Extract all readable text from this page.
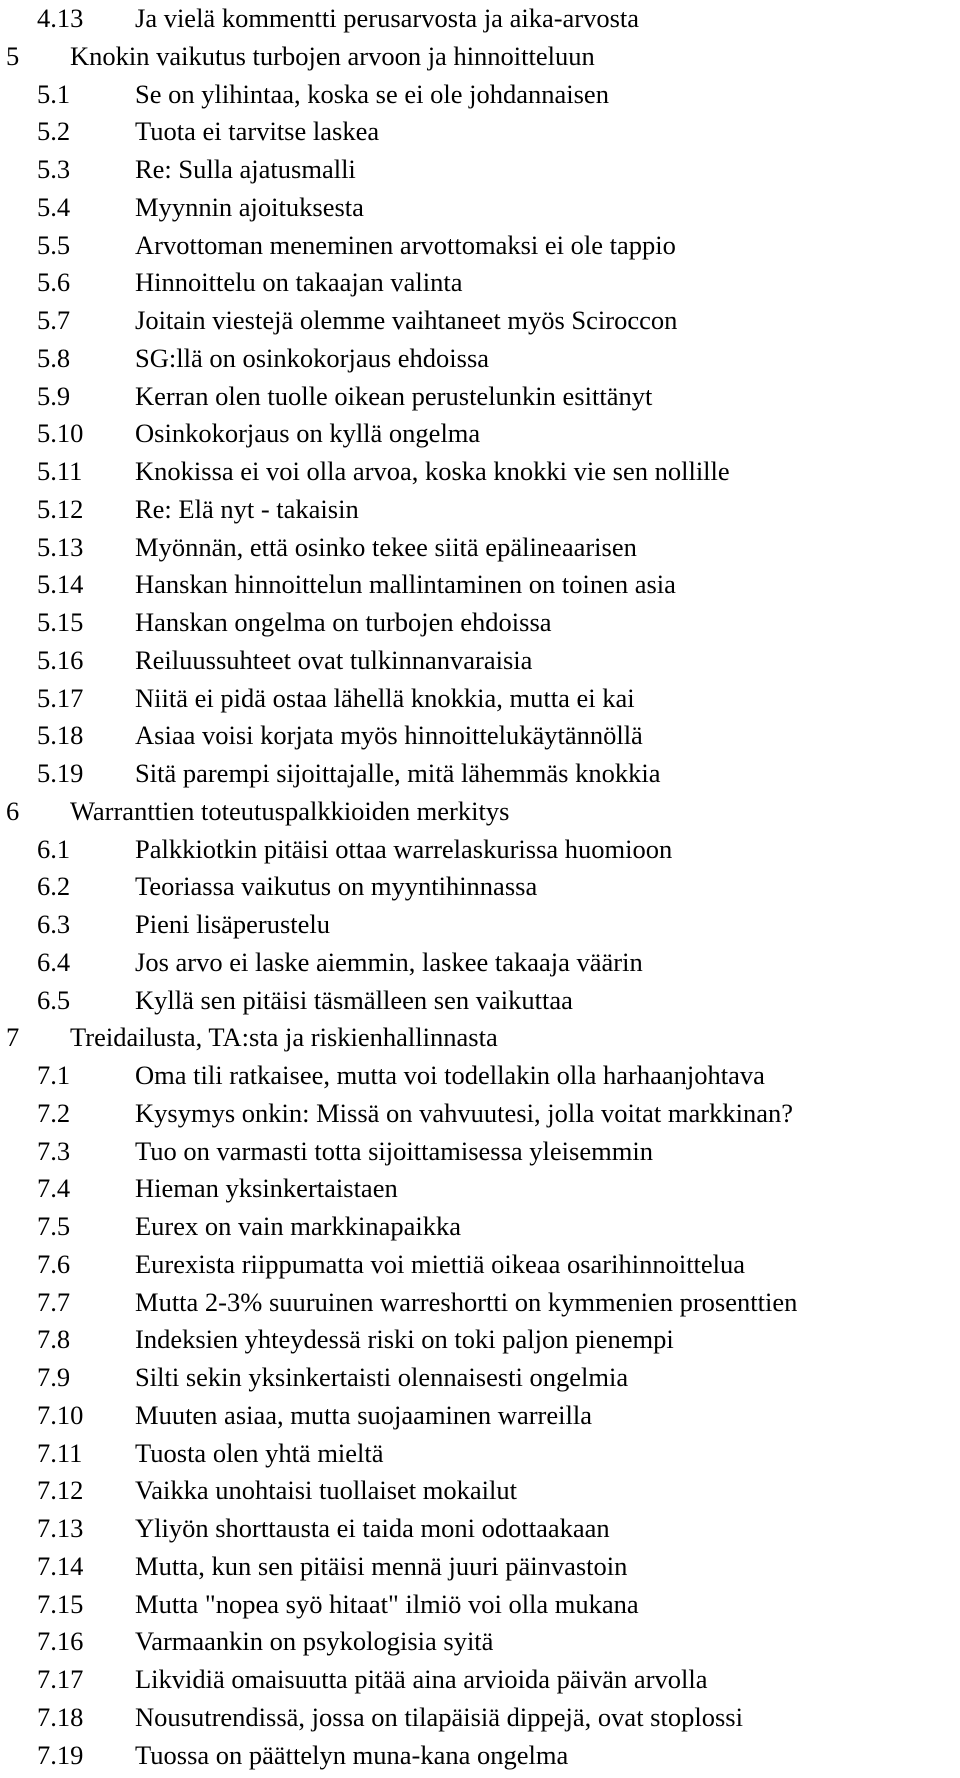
4.13 Ja vielä kommentti perusarvosta ja aika-arvosta
5 Knokin vaikutus turbojen arvoon ja hinnoitteluun
5.1 Se on ylihintaa, koska se ei ole johdannaisen
5.2 Tuota ei tarvitse laskea
5.3 Re: Sulla ajatusmalli
5.4 Myynnin ajoituksesta
5.5 Arvottoman meneminen arvottomaksi ei ole tappio
5.6 Hinnoittelu on takaajan valinta
5.7 Joitain viestejä olemme vaihtaneet myös Sciroccon
5.8 SG:llä on osinkokorjaus ehdoissa
5.9 Kerran olen tuolle oikean perustelunkin esittänyt
5.10 Osinkokorjaus on kyllä ongelma
5.11 Knokissa ei voi olla arvoa, koska knokki vie sen nollille
5.12 Re: Elä nyt - takaisin
5.13 Myönnän, että osinko tekee siitä epälineaarisen
5.14 Hanskan hinnoittelun mallintaminen on toinen asia
5.15 Hanskan ongelma on turbojen ehdoissa
5.16 Reiluussuhteet ovat tulkinnanvaraisia
5.17 Niitä ei pidä ostaa lähellä knokkia, mutta ei kai
5.18 Asiaa voisi korjata myös hinnoittelukäytännöllä
5.19 Sitä parempi sijoittajalle, mitä lähemmäs knokkia
6 Warranttien toteutuspalkkioiden merkitys
6.1 Palkkiotkin pitäisi ottaa warrelaskurissa huomioon
6.2 Teoriassa vaikutus on myyntihinnassa
6.3 Pieni lisäperustelu
6.4 Jos arvo ei laske aiemmin, laskee takaaja väärin
6.5 Kyllä sen pitäisi täsmälleen sen vaikuttaa
7 Treidailusta, TA:sta ja riskienhallinnasta
7.1 Oma tili ratkaisee, mutta voi todellakin olla harhaanjohtava
7.2 Kysymys onkin: Missä on vahvuutesi, jolla voitat markkinan?
7.3 Tuo on varmasti totta sijoittamisessa yleisemmin
7.4 Hieman yksinkertaistaen
7.5 Eurex on vain markkinapaikka
7.6 Eurexista riippumatta voi miettiä oikeaa osarihinnoittelua
7.7 Mutta 2-3% suuruinen warreshortti on kymmenien prosenttien
7.8 Indeksien yhteydessä riski on toki paljon pienempi
7.9 Silti sekin yksinkertaisti olennaisesti ongelmia
7.10 Muuten asiaa, mutta suojaaminen warreilla
7.11 Tuosta olen yhtä mieltä
7.12 Vaikka unohtaisi tuollaiset mokailut
7.13 Yliyön shorttausta ei taida moni odottaakaan
7.14 Mutta, kun sen pitäisi mennä juuri päinvastoin
7.15 Mutta "nopea syö hitaat" ilmiö voi olla mukana
7.16 Varmaankin on psykologisia syitä
7.17 Likvidiä omaisuutta pitää aina arvioida päivän arvolla
7.18 Nousutrendissä, jossa on tilapäisiä dippejä, ovat stoplossi
7.19 Tuossa on päättelyn muna-kana ongelma
